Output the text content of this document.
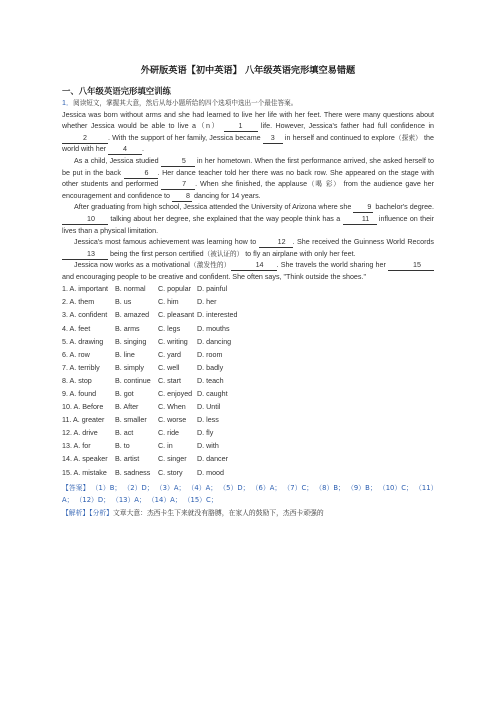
外研版英语【初中英语】 八年级英语完形填空易错题
一、八年级英语完形填空训练

1．阅读短文，掌握其大意，然后从每小题所给的四个选项中选出一个最佳答案。

Jessica was born without arms and she had learned to live her life with her feet. There were many questions about whether Jessica would be able to live a（n）	1 life. However, Jessica's father had full confidence in 2	. With the support of her family, Jessica became 3 in herself and continued to explore（探索） the world with her 4 .

As a child, Jessica studied	5 in her hometown. When the first performance arrived, she asked herself to be put in the back	6 . Her dance teacher told her there was no back row. She appeared on the stage with other students and performed	7 . When she finished, the applause（喝 彩） from the audience gave her encouragement and confidence to 8 dancing for 14 years.

After graduating from high school, Jessica attended the University of Arizona where she 9 bachelor's degree. 10 talking about her degree, she explained that the way people think has a	11 influence on their lives than a physical limitation.

Jessica's most famous achievement was learning how to	12 . She received the Guinness World Records 13 being the first person certified（被认证的） to fly an airplane with only her feet.

Jessica now works as a motivational（激发性的）	14 . She travels the world sharing her	15 and encouraging people to be creative and confident. She often says, "Think outside the shoes."

1. A. important B. normal	C. popular D. painful
2. A. them	B. us	C. him	D. her
3. A. confident	B. amazed	C. pleasant D. interested
4. A. feet	B. arms	C. legs	D. mouths
5. A. drawing	B. singing	C. writing	D. dancing
6. A. row	B. line	C. yard	D. room
7. A. terribly	B. simply	C. well	D. badly
8. A. stop	B. continue	C. start	D. teach
9. A. found	B. got	C. enjoyed D. caught
10. A. Before	B. After	C. When	D. Until
11. A. greater	B. smaller	C. worse	D. less
12. A. drive	B. act	C. ride	D. fly
13. A. for	B. to	C. in	D. with
14. A. speaker	B. artist	C. singer	D. dancer
15. A. mistake	B. sadness	C. story	D. mood
【答案】 （1）B； （2）D； （3）A； （4）A； （5）D； （6）A； （7）C； （8）B； （9）B； （10）C； （11）A； （12）D； （13）A； （14）A； （15）C；
【解析】【分析】文章大意：杰西卡生下来就没有胳膊，在家人的鼓励下，杰西卡顽强的
